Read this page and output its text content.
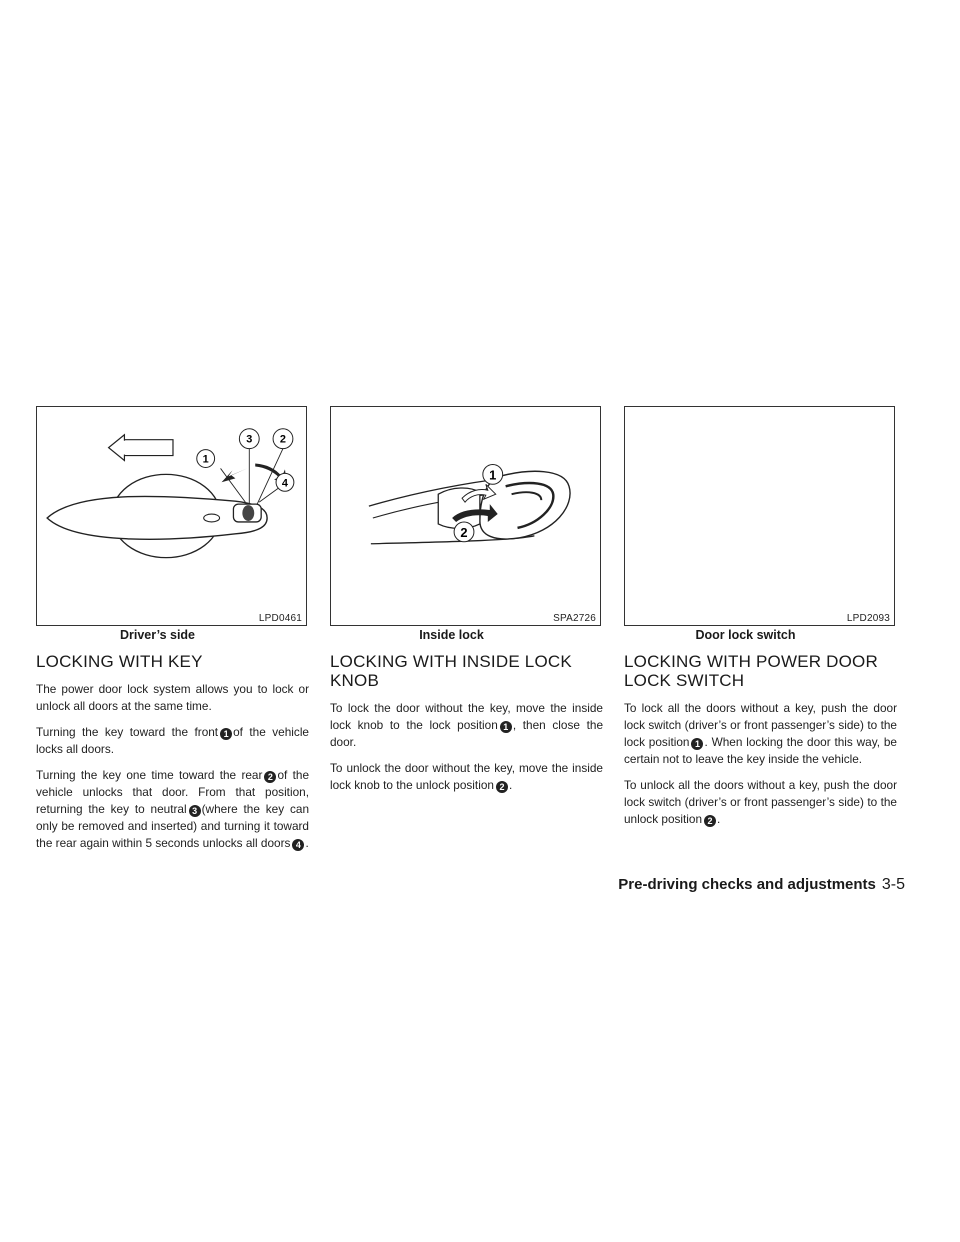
1
3	2
4
LPD0461
Driver’s side
LOCKING WITH KEY

The power door lock system allows you to lock or unlock all doors at the same time.

Turning the key toward the front 1 of the vehicle locks all doors.

Turning the key one time toward the rear 2 of the vehicle unlocks that door. From that position, returning the key to neutral 3 (where the key can only be removed and inserted) and turning it toward the rear again within 5 seconds unlocks all doors 4 .

1
2
SPA2726
Inside lock
LOCKING WITH INSIDE LOCK KNOB

To lock the door without the key, move the inside lock knob to the lock position 1 , then close the door.

To unlock the door without the key, move the inside lock knob to the unlock position 2 .

LPD2093
Door lock switch
LOCKING WITH POWER DOOR LOCK SWITCH

To lock all the doors without a key, push the door lock switch (driver’s or front passenger’s side) to the lock position 1 . When locking the door this way, be certain not to leave the key inside the vehicle.

To unlock all the doors without a key, push the door lock switch (driver’s or front passenger’s side) to the unlock position 2 .

Pre-driving checks and adjustments 3-5
